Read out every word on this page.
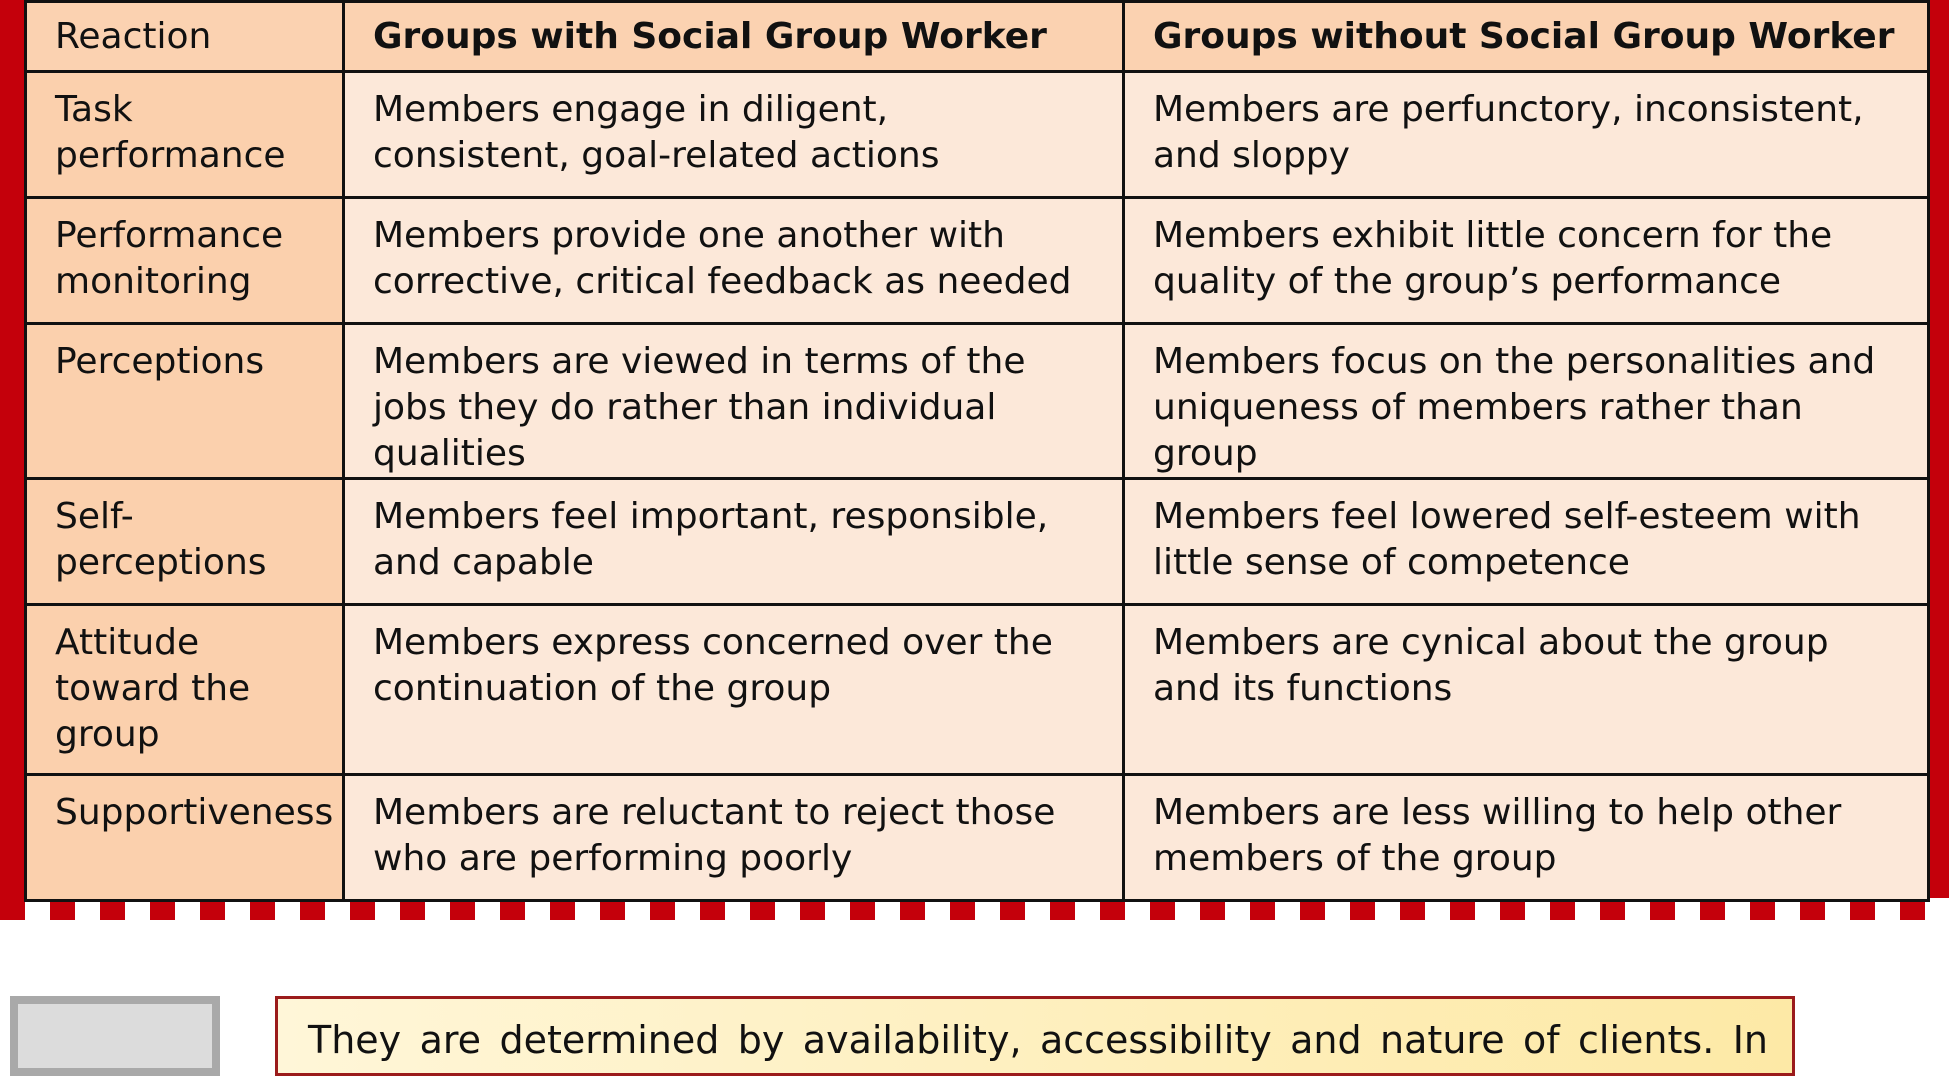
Reaction	Groups with Social Group Worker	Groups without Social Group Worker
Task performance	Members engage in diligent, consistent, goal-related actions	Members are perfunctory, inconsistent, and sloppy
Performance monitoring	Members provide one another with corrective, critical feedback as needed	Members exhibit little concern for the quality of the group’s performance
Perceptions	Members are viewed in terms of the jobs they do rather than individual qualities	Members focus on the personalities and uniqueness of members rather than group
Self-perceptions	Members feel important, responsible, and capable	Members feel lowered self-esteem with little sense of competence
Attitude toward the group	Members express concerned over the continuation of the group	Members are cynical about the group and its functions
Supportiveness	Members are reluctant to reject those who are performing poorly	Members are less willing to help other members of the group
They are determined by availability, accessibility and nature of clients. In
